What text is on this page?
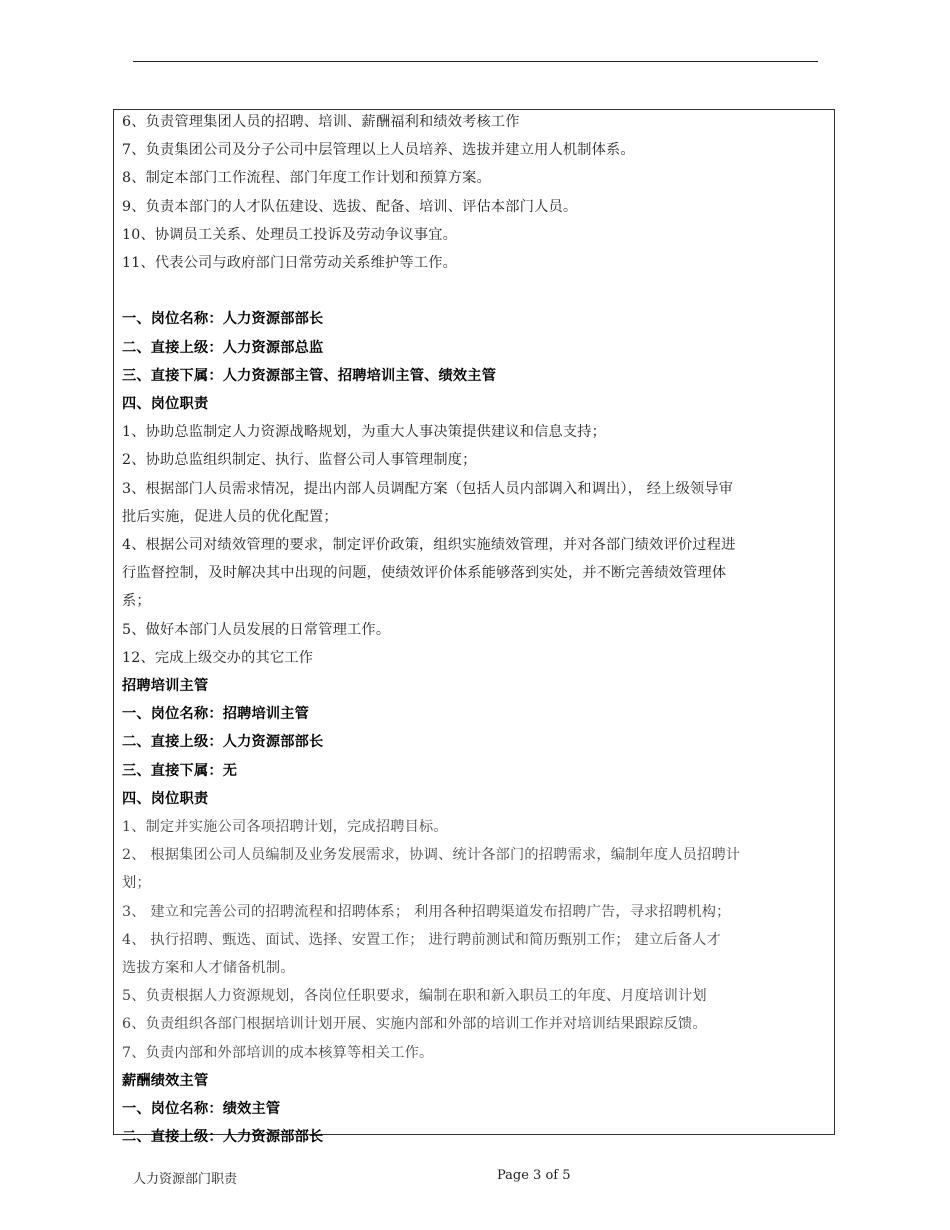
6、负责管理集团人员的招聘、培训、薪酬福利和绩效考核工作
7、负责集团公司及分子公司中层管理以上人员培养、选拔并建立用人机制体系。
8、制定本部门工作流程、部门年度工作计划和预算方案。
9、负责本部门的人才队伍建设、选拔、配备、培训、评估本部门人员。
10、协调员工关系、处理员工投诉及劳动争议事宜。
11、代表公司与政府部门日常劳动关系维护等工作。
一、岗位名称：人力资源部部长
二、直接上级：人力资源部总监
三、直接下属：人力资源部主管、招聘培训主管、绩效主管
四、岗位职责
1、协助总监制定人力资源战略规划，为重大人事决策提供建议和信息支持；
2、协助总监组织制定、执行、监督公司人事管理制度；
3、根据部门人员需求情况，提出内部人员调配方案（包括人员内部调入和调出）， 经上级领导审
批后实施，促进人员的优化配置；
4、根据公司对绩效管理的要求，制定评价政策，组织实施绩效管理，并对各部门绩效评价过程进
行监督控制，及时解决其中出现的问题，使绩效评价体系能够落到实处，并不断完善绩效管理体
系；
5、做好本部门人员发展的日常管理工作。
12、完成上级交办的其它工作
招聘培训主管
一、岗位名称：招聘培训主管
二、直接上级：人力资源部部长
三、直接下属：无
四、岗位职责
1、制定并实施公司各项招聘计划，完成招聘目标。
2、 根据集团公司人员编制及业务发展需求，协调、统计各部门的招聘需求，编制年度人员招聘计
划；
3、 建立和完善公司的招聘流程和招聘体系； 利用各种招聘渠道发布招聘广告，寻求招聘机构；
4、 执行招聘、甄选、面试、选择、安置工作； 进行聘前测试和简历甄别工作； 建立后备人才
选拔方案和人才储备机制。
5、负责根据人力资源规划，各岗位任职要求，编制在职和新入职员工的年度、月度培训计划
6、负责组织各部门根据培训计划开展、实施内部和外部的培训工作并对培训结果跟踪反馈。
7、负责内部和外部培训的成本核算等相关工作。
薪酬绩效主管
一、岗位名称：绩效主管
二、直接上级：人力资源部部长
人力资源部门职责	Page 3 of 5
